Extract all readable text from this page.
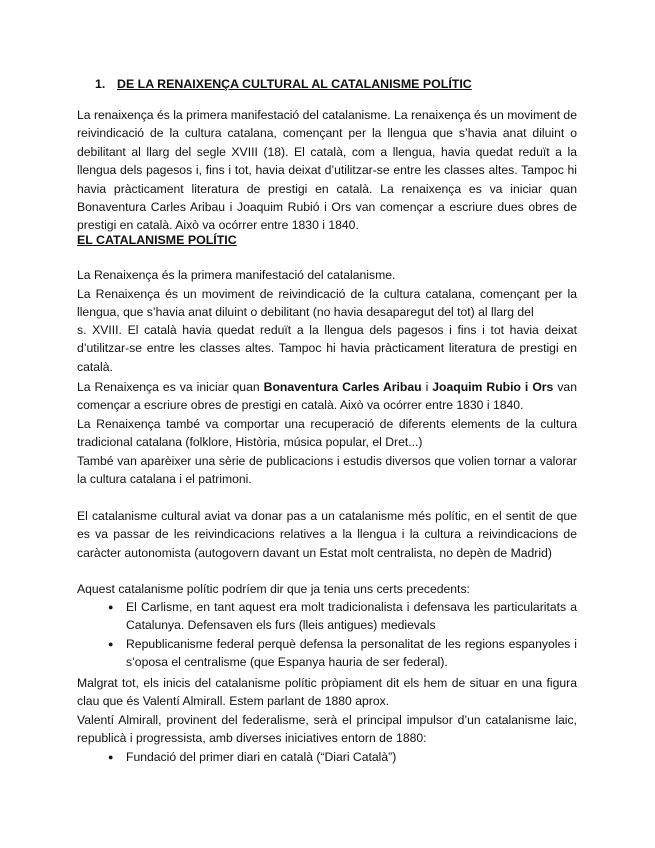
1. DE LA RENAIXENÇA CULTURAL AL CATALANISME POLÍTIC

La renaixença és la primera manifestació del catalanisme. La renaixença és un moviment de reivindicació de la cultura catalana, començant per la llengua que s’havia anat diluint o debilitant al llarg del segle XVIII (18). El català, com a llengua, havia quedat reduït a la llengua dels pagesos i, fins i tot, havia deixat d’utilitzar-se entre les classes altes. Tampoc hi havia pràcticament literatura de prestigi en català. La renaixença es va iniciar quan Bonaventura Carles Aribau i Joaquim Rubió i Ors van començar a escriure dues obres de prestigi en català. Això va ocórrer entre 1830 i 1840.

EL CATALANISME POLÍTIC

La Renaixença és la primera manifestació del catalanisme.

La Renaixença és un moviment de reivindicació de la cultura catalana, començant per la llengua, que s’havia anat diluint o debilitant (no havia desaparegut del tot) al llarg del

s. XVIII. El català havia quedat reduït a la llengua dels pagesos i fins i tot havia deixat d’utilitzar-se entre les classes altes. Tampoc hi havia pràcticament literatura de prestigi en català.

La Renaixença es va iniciar quan Bonaventura Carles Aribau i Joaquim Rubio i Ors van començar a escriure obres de prestigi en català. Això va ocórrer entre 1830 i 1840.

La Renaixença també va comportar una recuperació de diferents elements de la cultura tradicional catalana (folklore, Història, música popular, el Dret...)

També van aparèixer una sèrie de publicacions i estudis diversos que volien tornar a valorar la cultura catalana i el patrimoni.

El catalanisme cultural aviat va donar pas a un catalanisme més polític, en el sentit de que es va passar de les reivindicacions relatives a la llengua i la cultura a reivindicacions de caràcter autonomista (autogovern davant un Estat molt centralista, no depèn de Madrid)

Aquest catalanisme polític podríem dir que ja tenia uns certs precedents:

● El Carlisme, en tant aquest era molt tradicionalista i defensava les particularitats a Catalunya. Defensaven els furs (lleis antigues) medievals
● Republicanisme federal perquè defensa la personalitat de les regions espanyoles i s’oposa el centralisme (que Espanya hauria de ser federal).

Malgrat tot, els inicis del catalanisme polític pròpiament dit els hem de situar en una figura clau que és Valentí Almirall. Estem parlant de 1880 aprox.

Valentí Almirall, provinent del federalisme, serà el principal impulsor d’un catalanisme laic, republicà i progressista, amb diverses iniciatives entorn de 1880:

● Fundació del primer diari en català (“Diari Català”)
